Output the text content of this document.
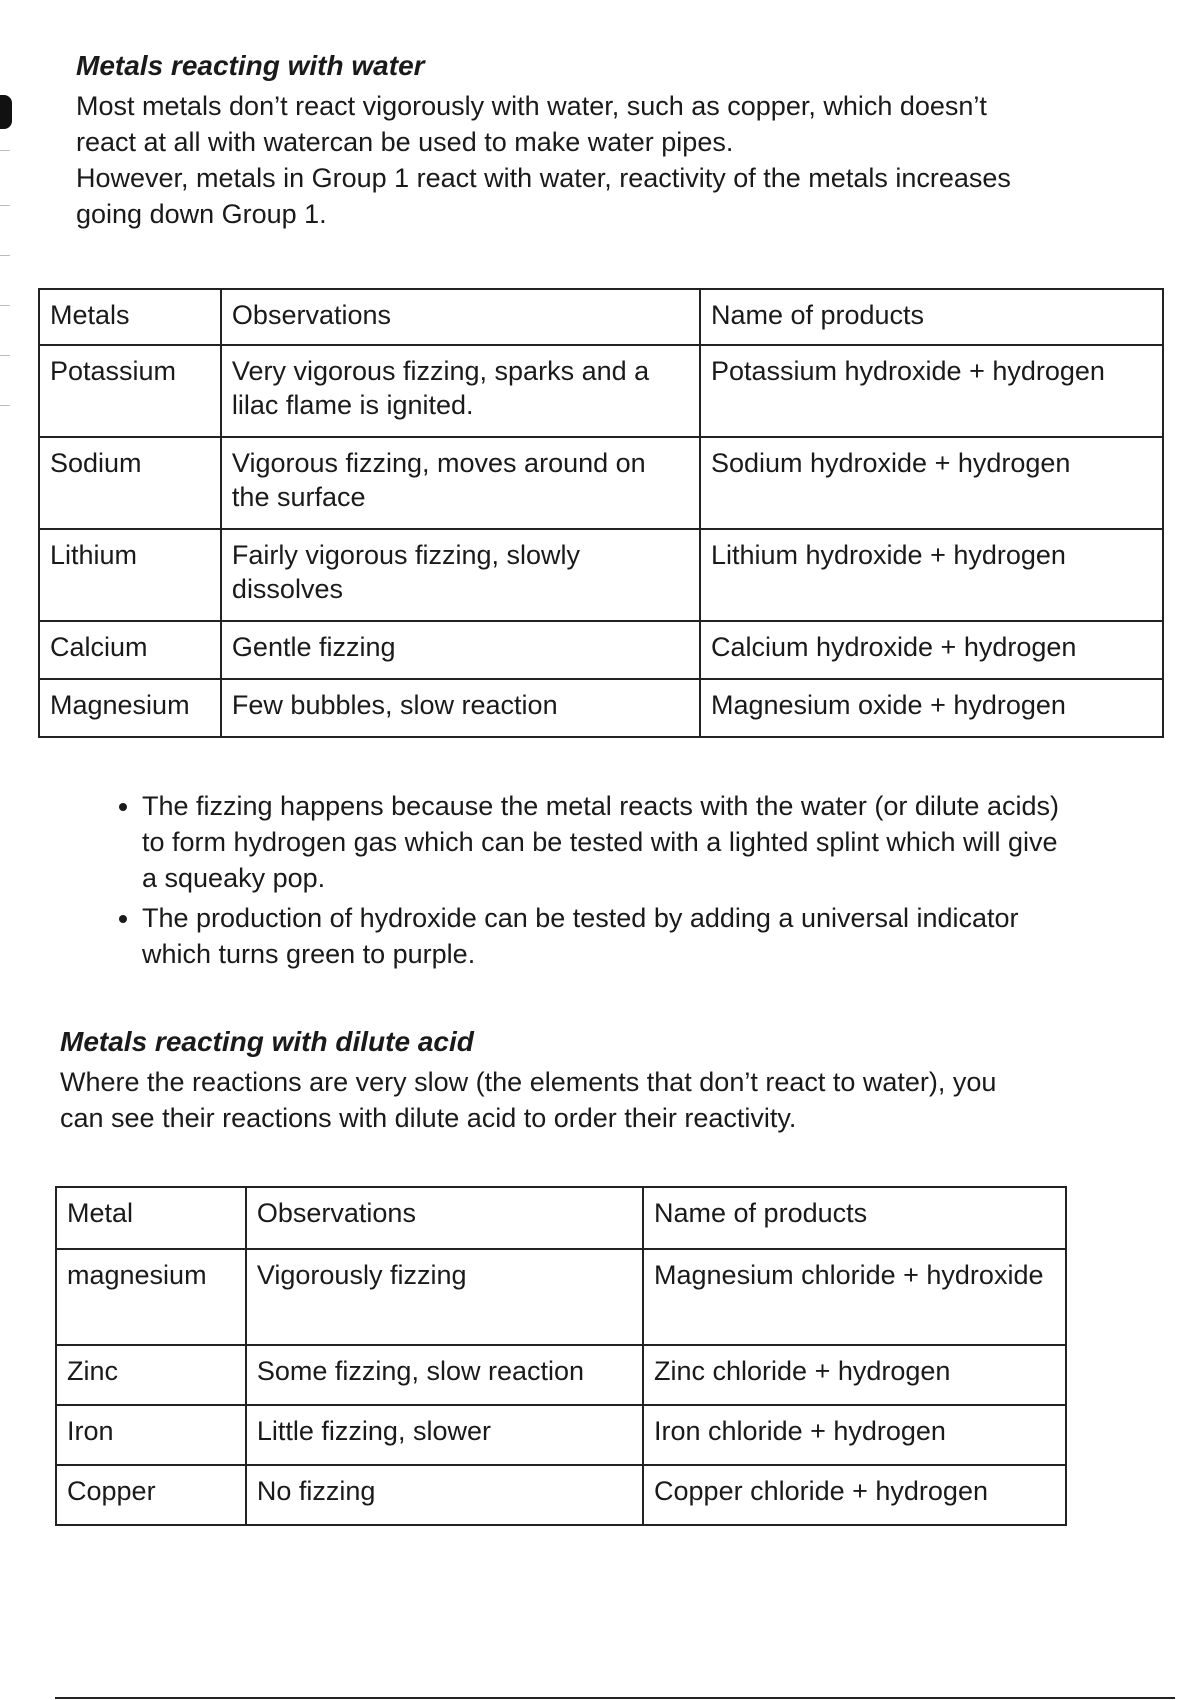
Metals reacting with water

Most metals don’t react vigorously with water, such as copper, which doesn’t
react at all with watercan be used to make water pipes.
However, metals in Group 1 react with water, reactivity of the metals increases
going down Group 1.

Metals	Observations	Name of products
Potassium	Very vigorous fizzing, sparks and a lilac flame is ignited.	Potassium hydroxide + hydrogen
Sodium	Vigorous fizzing, moves around on the surface	Sodium hydroxide + hydrogen
Lithium	Fairly vigorous fizzing, slowly dissolves	Lithium hydroxide + hydrogen
Calcium	Gentle fizzing	Calcium hydroxide + hydrogen
Magnesium	Few bubbles, slow reaction	Magnesium oxide + hydrogen
• The fizzing happens because the metal reacts with the water (or dilute acids) to form hydrogen gas which can be tested with a lighted splint which will give a squeaky pop.
• The production of hydroxide can be tested by adding a universal indicator which turns green to purple.
Metals reacting with dilute acid

Where the reactions are very slow (the elements that don’t react to water), you
can see their reactions with dilute acid to order their reactivity.

Metal	Observations	Name of products
magnesium	Vigorously fizzing	Magnesium chloride + hydroxide
Zinc	Some fizzing, slow reaction	Zinc chloride + hydrogen
Iron	Little fizzing, slower	Iron chloride + hydrogen
Copper	No fizzing	Copper chloride + hydrogen
